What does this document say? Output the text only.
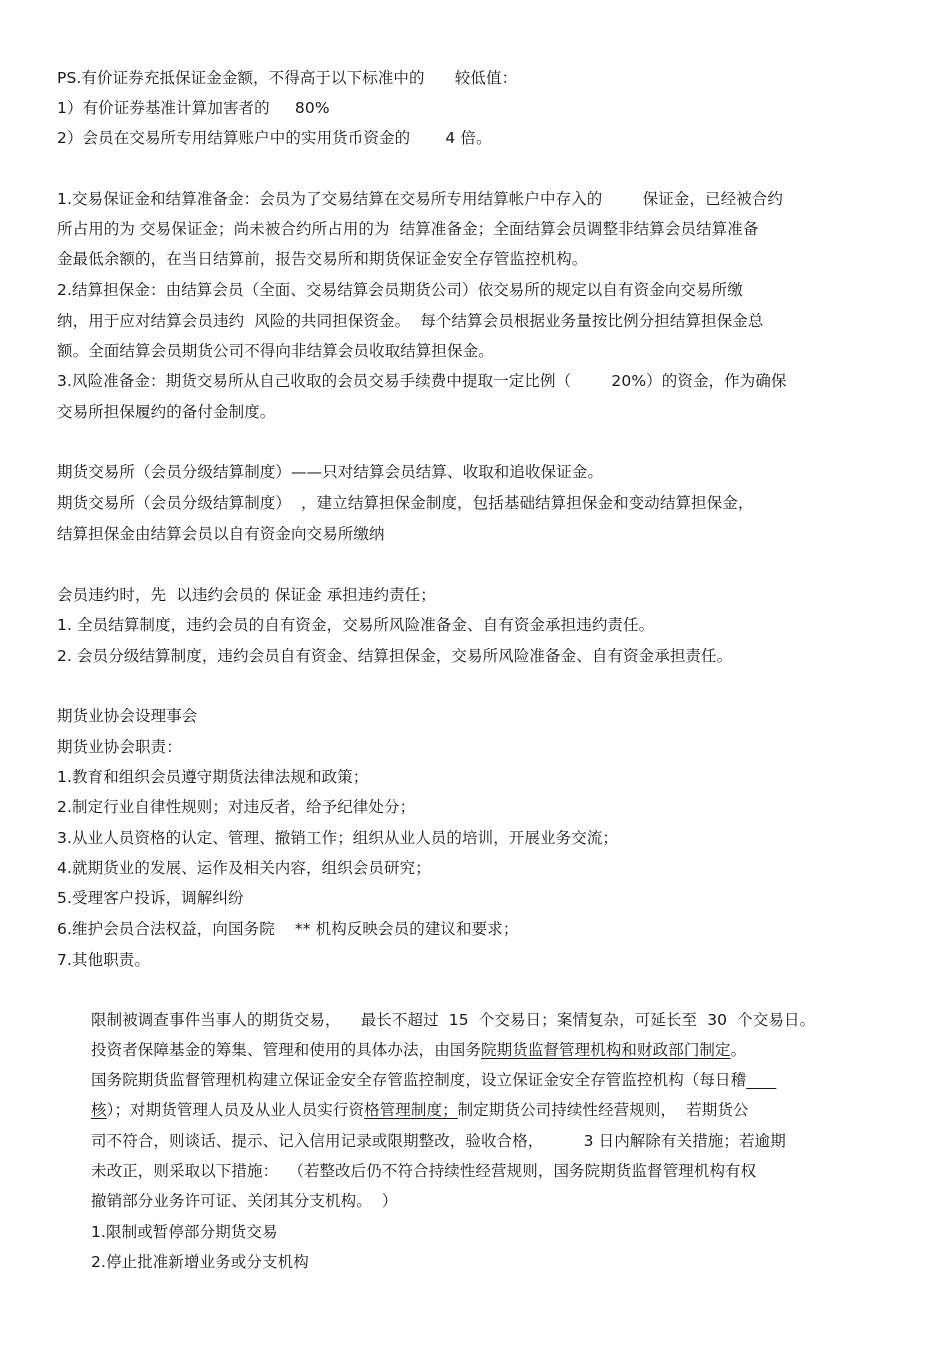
PS.有价证券充抵保证金金额，不得高于以下标准中的      较低值：
1）有价证券基准计算加害者的     80%
2）会员在交易所专用结算账户中的实用货币资金的       4 倍。
1.交易保证金和结算准备金：会员为了交易结算在交易所专用结算帐户中存入的        保证金，已经被合约
所占用的为 交易保证金；尚未被合约所占用的为  结算准备金；全面结算会员调整非结算会员结算准备
金最低余额的，在当日结算前，报告交易所和期货保证金安全存管监控机构。
2.结算担保金：由结算会员（全面、交易结算会员期货公司）依交易所的规定以自有资金向交易所缴
纳，用于应对结算会员违约  风险的共同担保资金。  每个结算会员根据业务量按比例分担结算担保金总
额。全面结算会员期货公司不得向非结算会员收取结算担保金。
3.风险准备金：期货交易所从自己收取的会员交易手续费中提取一定比例（        20%）的资金，作为确保
交易所担保履约的备付金制度。
期货交易所（会员分级结算制度）——只对结算会员结算、收取和追收保证金。
期货交易所（会员分级结算制度）  ，建立结算担保金制度，包括基础结算担保金和变动结算担保金，
结算担保金由结算会员以自有资金向交易所缴纳
会员违约时，先  以违约会员的 保证金 承担违约责任；
1. 全员结算制度，违约会员的自有资金，交易所风险准备金、自有资金承担违约责任。
2. 会员分级结算制度，违约会员自有资金、结算担保金，交易所风险准备金、自有资金承担责任。
期货业协会设理事会
期货业协会职责：
1.教育和组织会员遵守期货法律法规和政策；
2.制定行业自律性规则；对违反者，给予纪律处分；
3.从业人员资格的认定、管理、撤销工作；组织从业人员的培训，开展业务交流；
4.就期货业的发展、运作及相关内容，组织会员研究；
5.受理客户投诉，调解纠纷
6.维护会员合法权益，向国务院    ** 机构反映会员的建议和要求；
7.其他职责。
限制被调查事件当事人的期货交易，    最长不超过  15  个交易日；案情复杂，可延长至  30  个交易日。
投资者保障基金的筹集、管理和使用的具体办法，由国务院期货监督管理机构和财政部门制定。
国务院期货监督管理机构建立保证金安全存管监控制度，设立保证金安全存管监控机构（每日稽
核）；对期货管理人员及从业人员实行资格管理制度；制定期货公司持续性经营规则，  若期货公
司不符合，则谈话、提示、记入信用记录或限期整改，验收合格，        3 日内解除有关措施；若逾期
未改正，则采取以下措施：  （若整改后仍不符合持续性经营规则，国务院期货监督管理机构有权
撤销部分业务许可证、关闭其分支机构。  ）
1.限制或暂停部分期货交易
2.停止批准新增业务或分支机构
